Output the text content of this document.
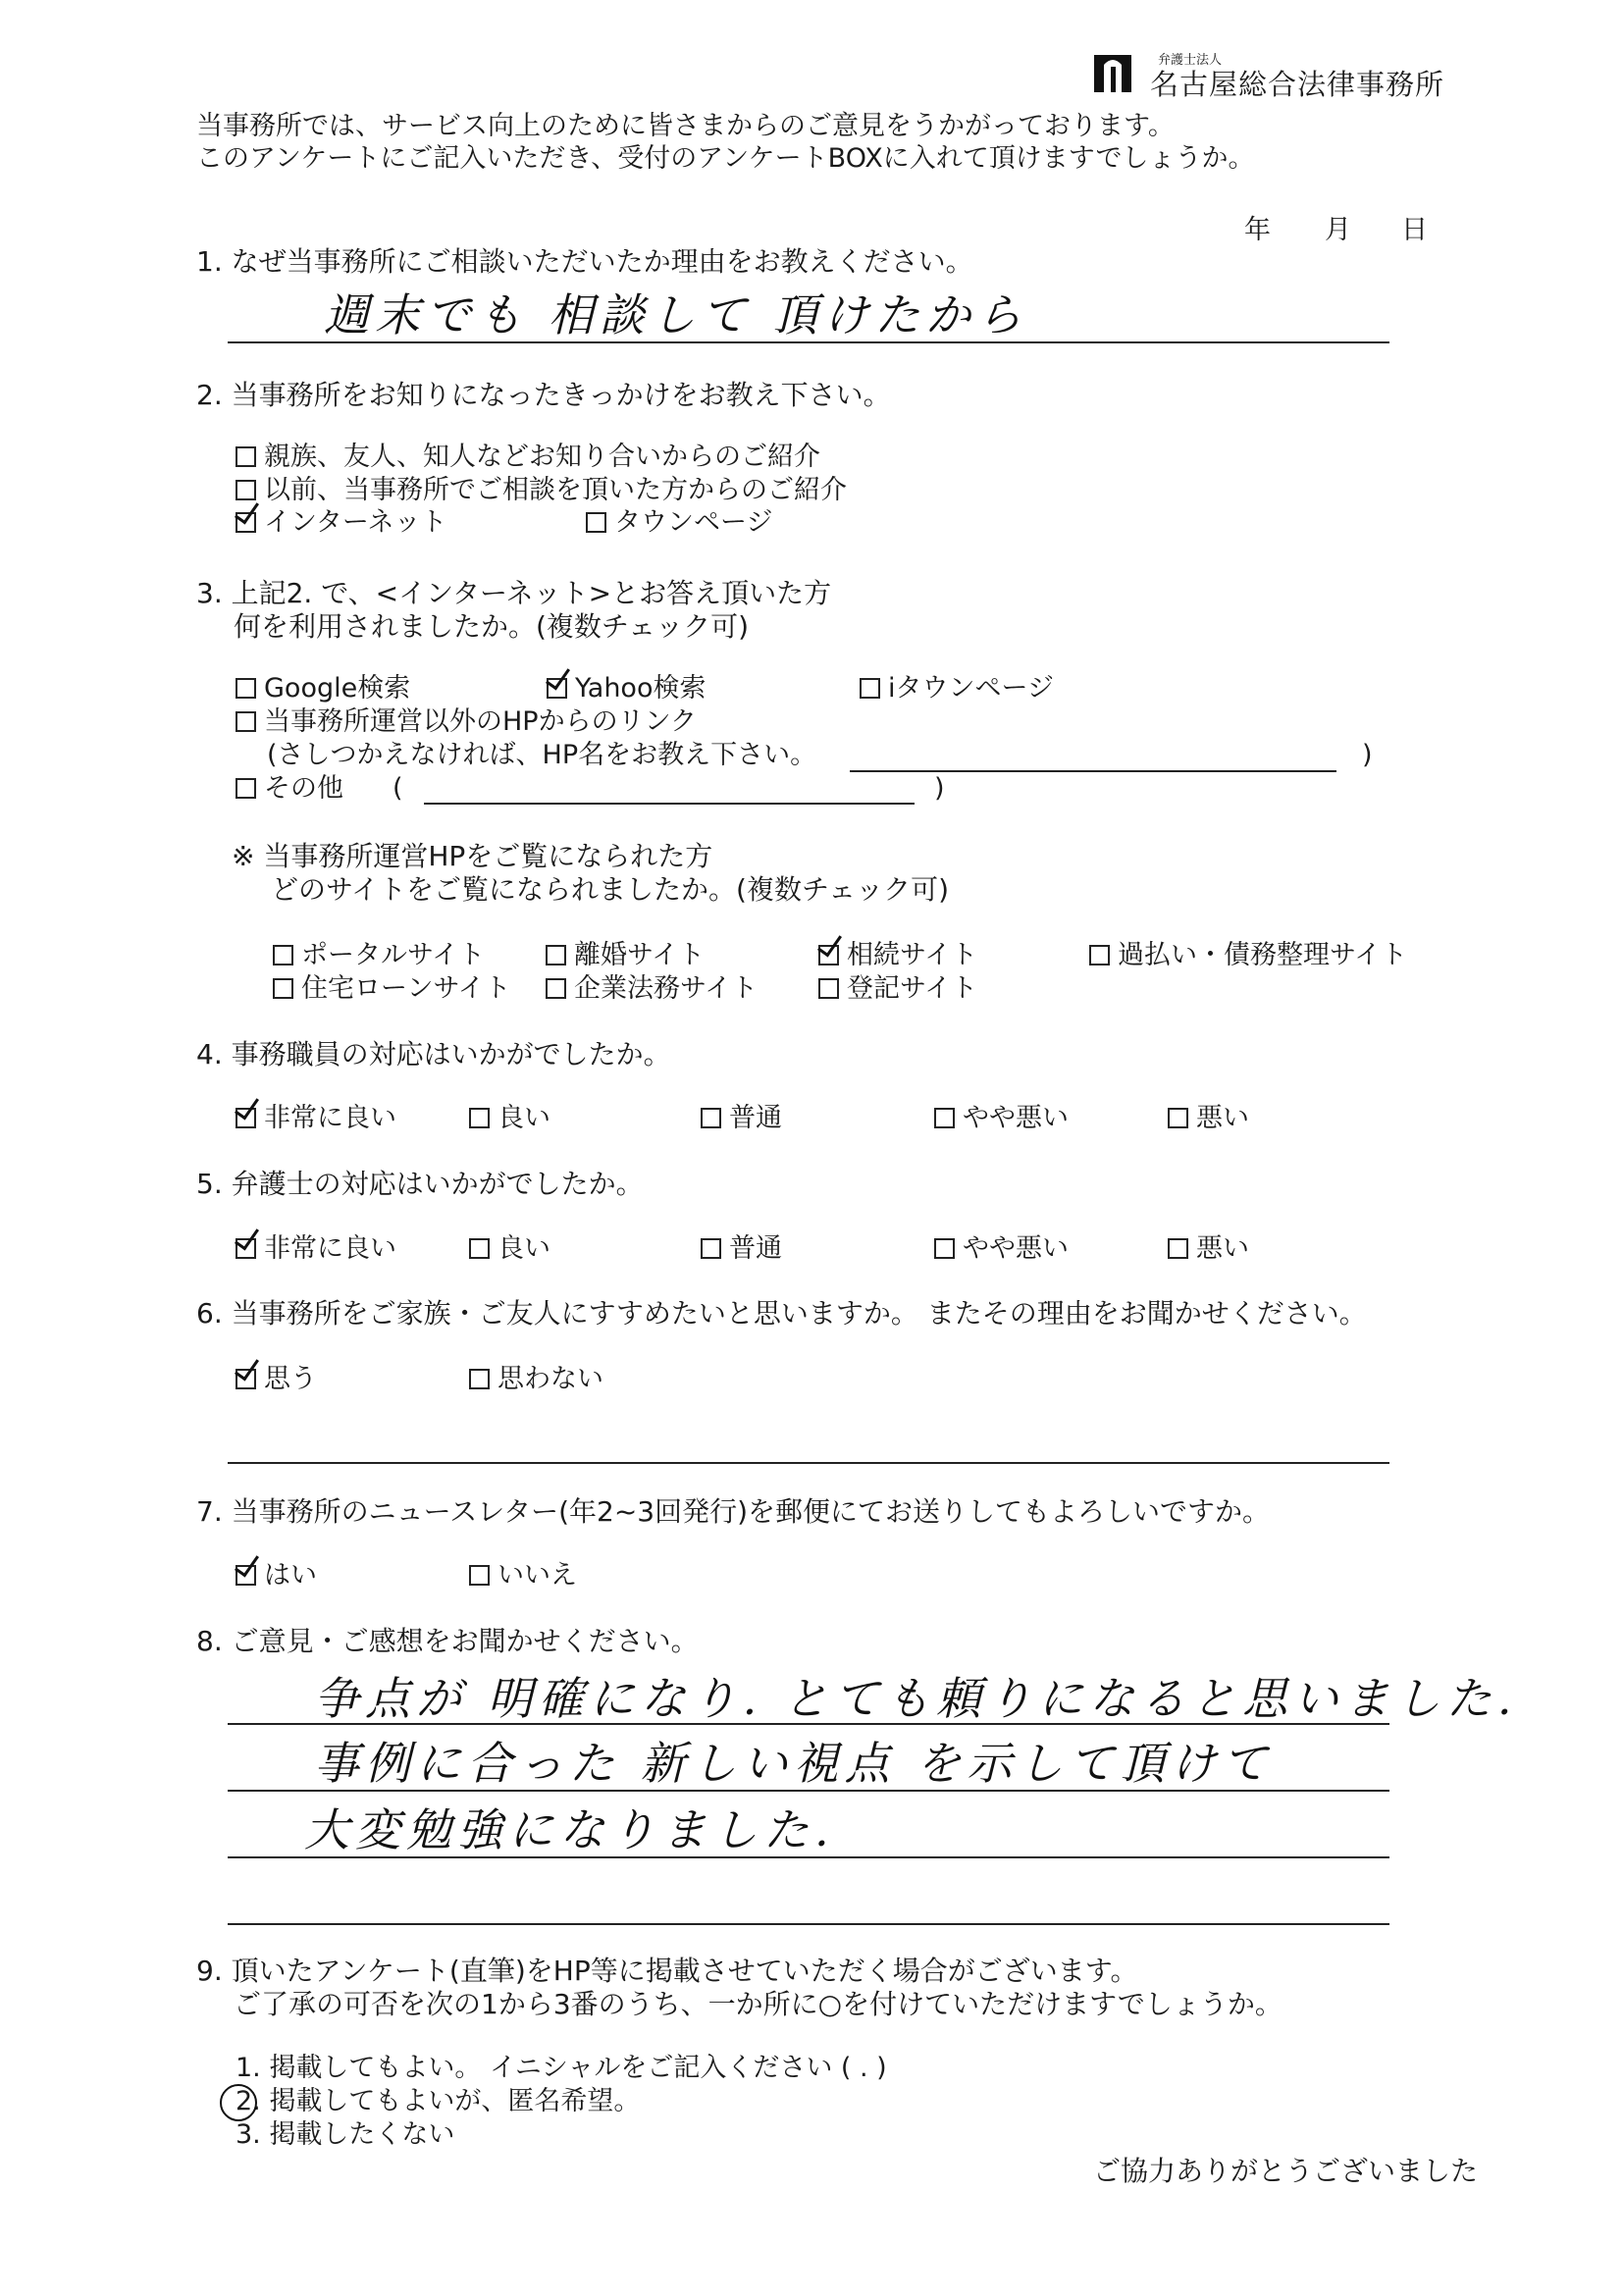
弁護士法人
名古屋総合法律事務所
当事務所では、サービス向上のために皆さまからのご意見をうかがっております。
このアンケートにご記入いただき、受付のアンケートBOXに入れて頂けますでしょうか。
年 月 日
1. なぜ当事務所にご相談いただいたか理由をお教えください。
週末でも 相談して 頂けたから
2. 当事務所をお知りになったきっかけをお教え下さい。
親族、友人、知人などお知り合いからのご紹介
以前、当事務所でご相談を頂いた方からのご紹介
インターネット	タウンページ
3. 上記2. で、<インターネット>とお答え頂いた方
何を利用されましたか。(複数チェック可)
Google検索	Yahoo検索	iタウンページ
当事務所運営以外のHPからのリンク
(さしつかえなければ、HP名をお教え下さい。	)
その他 (	)
※ 当事務所運営HPをご覧になられた方
どのサイトをご覧になられましたか。(複数チェック可)
ポータルサイト	離婚サイト	相続サイト	過払い・債務整理サイト
住宅ローンサイト	企業法務サイト	登記サイト
4. 事務職員の対応はいかがでしたか。
非常に良い	良い	普通	やや悪い	悪い
5. 弁護士の対応はいかがでしたか。
非常に良い	良い	普通	やや悪い	悪い
6. 当事務所をご家族・ご友人にすすめたいと思いますか。 またその理由をお聞かせください。
思う	思わない
7. 当事務所のニュースレター(年2~3回発行)を郵便にてお送りしてもよろしいですか。
はい	いいえ
8. ご意見・ご感想をお聞かせください。
争点が 明確になり. とても頼りになると思いました.
事例に合った 新しい視点 を示して頂けて
大変勉強になりました.
9. 頂いたアンケート(直筆)をHP等に掲載させていただく場合がございます。
ご了承の可否を次の1から3番のうち、一か所に○を付けていただけますでしょうか。
1. 掲載してもよい。 イニシャルをご記入ください ( . )
2. 掲載してもよいが、匿名希望。
3. 掲載したくない
ご協力ありがとうございました
